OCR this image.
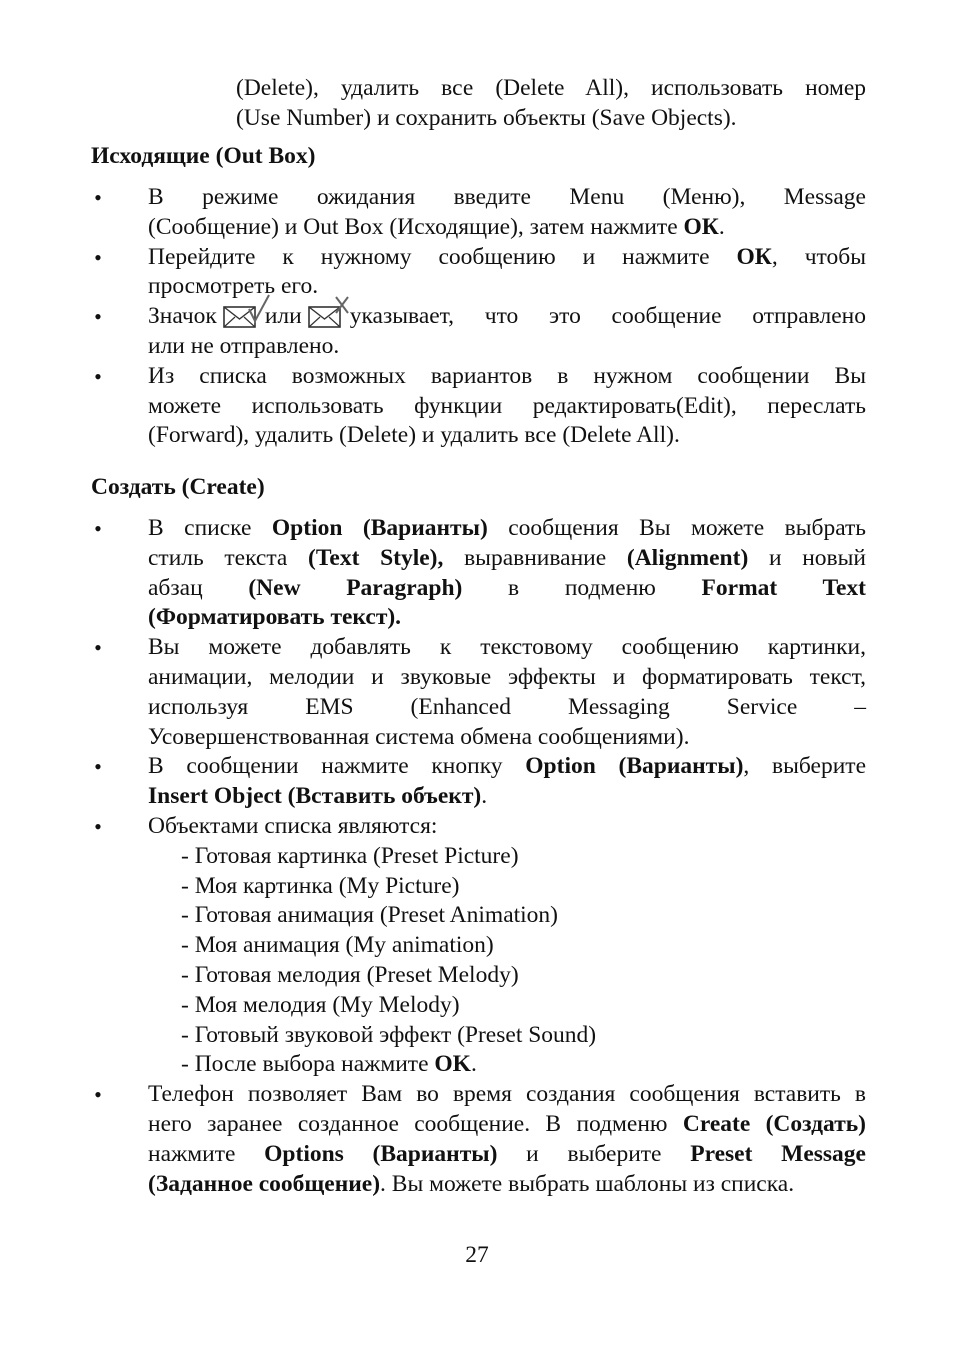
(Delete), удалить все (Delete All), использовать номер
(Use Number) и сохранить объекты (Save Objects).
Исходящие (Out Box)
• В режиме ожидания введите Menu (Меню), Message
(Сообщение) и Out Box (Исходящие), затем нажмите ОК.
• Перейдите к нужному сообщению и нажмите ОК, чтобы
просмотреть его.
• Значок или указывает, что это сообщение отправлено
или не отправлено.
• Из списка возможных вариантов в нужном сообщении Вы
можете использовать функции редактировать(Edit), переслать
(Forward), удалить (Delete) и удалить все (Delete All).
Создать (Create)
• В списке Option (Варианты) сообщения Вы можете выбрать
стиль текста (Text Style), выравнивание (Alignment) и новый
абзац (New Paragraph) в подменю Format Text
(Форматировать текст).
• Вы можете добавлять к текстовому сообщению картинки,
анимации, мелодии и звуковые эффекты и форматировать текст,
используя EMS (Enhanced Messaging Service –
Усовершенствованная система обмена сообщениями).
• В сообщении нажмите кнопку Option (Варианты), выберите
Insert Object (Вставить объект).
• Объектами списка являются:
- Готовая картинка (Preset Picture)
- Моя картинка (My Picture)
- Готовая анимация (Preset Animation)
- Моя анимация (My animation)
- Готовая мелодия (Preset Melody)
- Моя мелодия (My Melody)
- Готовый звуковой эффект (Preset Sound)
- После выбора нажмите OK.
• Телефон позволяет Вам во время создания сообщения вставить в
него заранее созданное сообщение. В подменю Create (Создать)
нажмите Options (Варианты) и выберите Preset Message
(Заданное сообщение). Вы можете выбрать шаблоны из списка.
27
